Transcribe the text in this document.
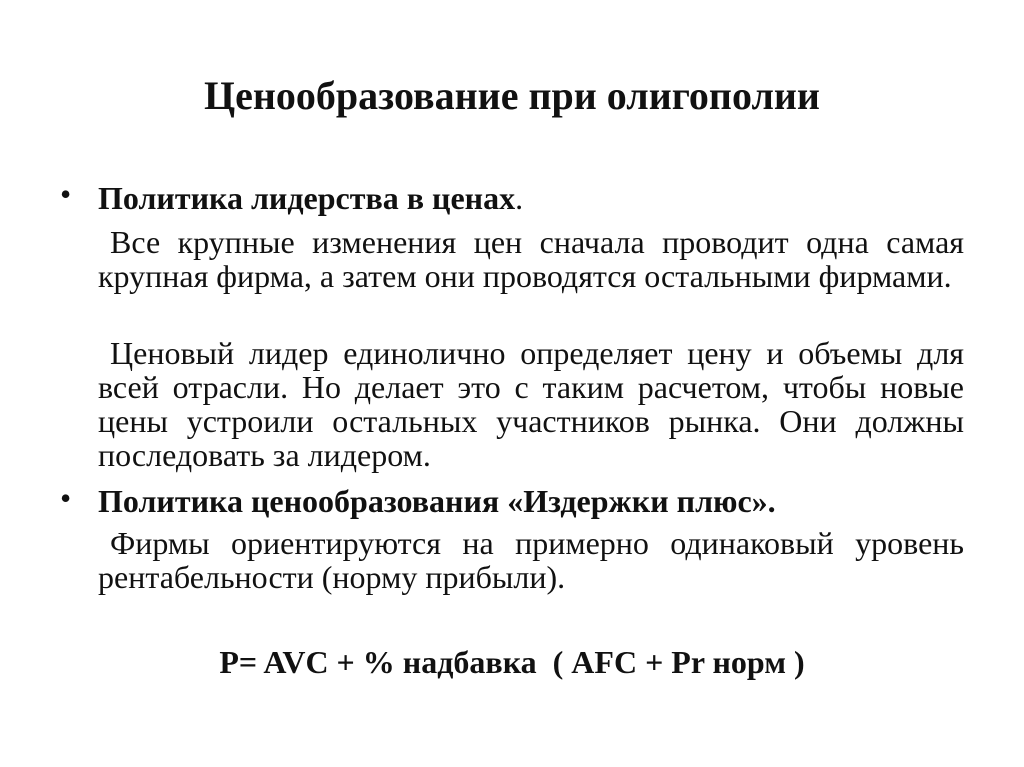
Ценообразование при олигополии
• Политика лидерства в ценах.

Все крупные изменения цен сначала проводит одна самая крупная фирма, а затем они проводятся остальными фирмами.

Ценовый лидер единолично определяет цену и объемы для всей отрасли. Но делает это с таким расчетом, чтобы новые цены устроили остальных участников рынка. Они должны последовать за лидером.

• Политика ценообразования «Издержки плюс».

Фирмы ориентируются на примерно одинаковый уровень рентабельности (норму прибыли).

P= AVC + % надбавка  ( AFC + Pr норм )
